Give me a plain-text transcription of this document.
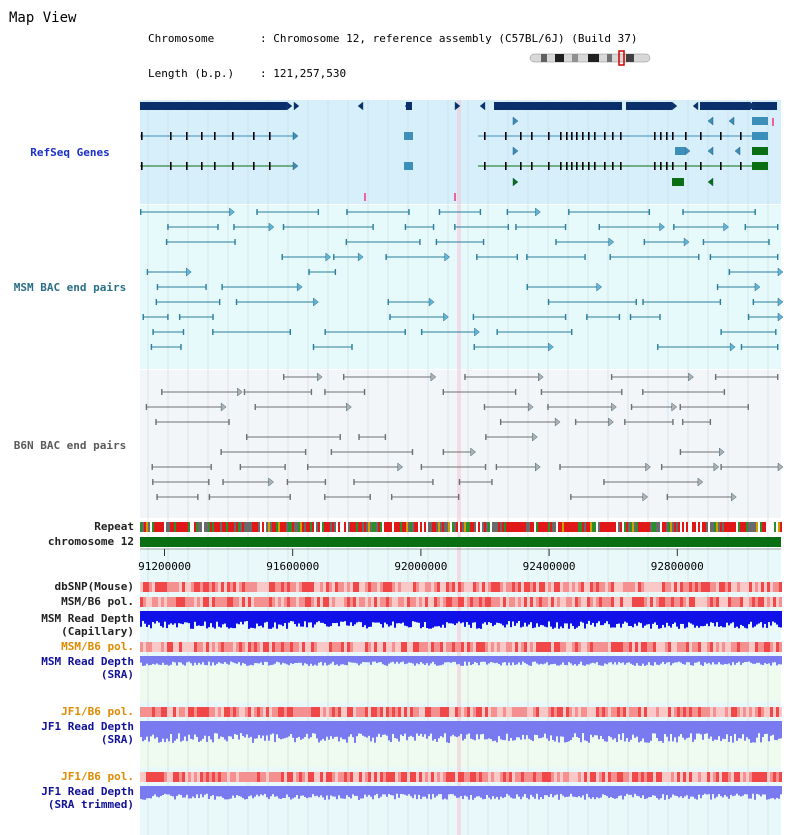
Map View

Chromosome	: Chromosome 12, reference assembly (C57BL/6J) (Build 37)

Length (b.p.)	: 121,257,530

RefSeq Genes
MSM BAC end pairs
B6N BAC end pairs
Repeat
chromosome 12
dbSNP(Mouse)
MSM/B6 pol.
MSM Read Depth
(Capillary)
MSM/B6 pol.
MSM Read Depth
(SRA)
JF1/B6 pol.
JF1 Read Depth
(SRA)
JF1/B6 pol.
JF1 Read Depth
(SRA trimmed)
91200000	91600000	92000000	92400000	92800000
